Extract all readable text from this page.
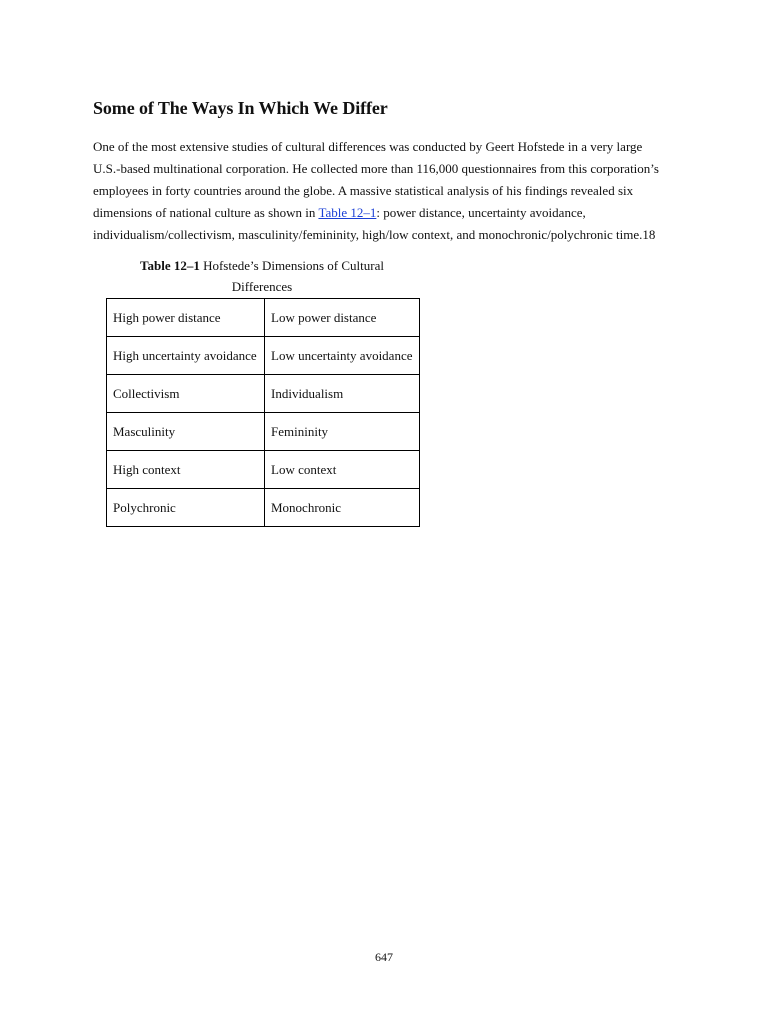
Some of The Ways In Which We Differ

One of the most extensive studies of cultural differences was conducted by Geert Hofstede in a very large
U.S.-based multinational corporation. He collected more than 116,000 questionnaires from this corporation’s
employees in forty countries around the globe. A massive statistical analysis of his findings revealed six
dimensions of national culture as shown in Table 12–1: power distance, uncertainty avoidance,
individualism/collectivism, masculinity/femininity, high/low context, and monochronic/polychronic time.18

Table 12–1 Hofstede’s Dimensions of Cultural
Differences
High power distance	Low power distance
High uncertainty avoidance	Low uncertainty avoidance
Collectivism	Individualism
Masculinity	Femininity
High context	Low context
Polychronic	Monochronic
647
